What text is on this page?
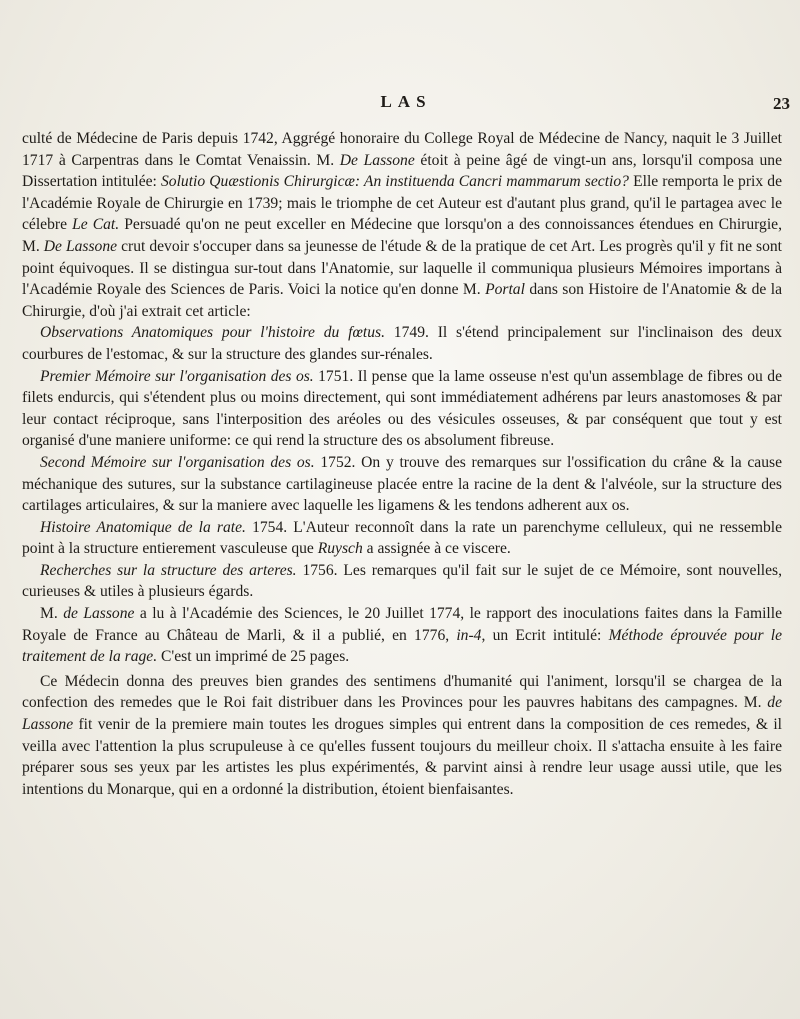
LAS	23

culté de Médecine de Paris depuis 1742, Aggrégé honoraire du College Royal de Médecine de Nancy, naquit le 3 Juillet 1717 à Carpentras dans le Comtat Venaissin. M. De Lassone étoit à peine âgé de vingt-un ans, lorsqu'il composa une Dissertation intitulée: Solutio Quæstionis Chirurgicæ: An instituenda Cancri mammarum sectio? Elle remporta le prix de l'Académie Royale de Chirurgie en 1739; mais le triomphe de cet Auteur est d'autant plus grand, qu'il le partagea avec le célebre Le Cat. Persuadé qu'on ne peut exceller en Médecine que lorsqu'on a des connoissances étendues en Chirurgie, M. De Lassone crut devoir s'occuper dans sa jeunesse de l'étude & de la pratique de cet Art. Les progrès qu'il y fit ne sont point équivoques. Il se distingua sur-tout dans l'Anatomie, sur laquelle il communiqua plusieurs Mémoires importans à l'Académie Royale des Sciences de Paris. Voici la notice qu'en donne M. Portal dans son Histoire de l'Anatomie & de la Chirurgie, d'où j'ai extrait cet article:

Observations Anatomiques pour l'histoire du fœtus. 1749. Il s'étend principalement sur l'inclinaison des deux courbures de l'estomac, & sur la structure des glandes sur-rénales.

Premier Mémoire sur l'organisation des os. 1751. Il pense que la lame osseuse n'est qu'un assemblage de fibres ou de filets endurcis, qui s'étendent plus ou moins directement, qui sont immédiatement adhérens par leurs anastomoses & par leur contact réciproque, sans l'interposition des aréoles ou des vésicules osseuses, & par conséquent que tout y est organisé d'une maniere uniforme: ce qui rend la structure des os absolument fibreuse.

Second Mémoire sur l'organisation des os. 1752. On y trouve des remarques sur l'ossification du crâne & la cause méchanique des sutures, sur la substance cartilagineuse placée entre la racine de la dent & l'alvéole, sur la structure des cartilages articulaires, & sur la maniere avec laquelle les ligamens & les tendons adherent aux os.

Histoire Anatomique de la rate. 1754. L'Auteur reconnoît dans la rate un parenchyme celluleux, qui ne ressemble point à la structure entierement vasculeuse que Ruysch a assignée à ce viscere.

Recherches sur la structure des arteres. 1756. Les remarques qu'il fait sur le sujet de ce Mémoire, sont nouvelles, curieuses & utiles à plusieurs égards.

M. de Lassone a lu à l'Académie des Sciences, le 20 Juillet 1774, le rapport des inoculations faites dans la Famille Royale de France au Château de Marli, & il a publié, en 1776, in-4, un Ecrit intitulé: Méthode éprouvée pour le traitement de la rage. C'est un imprimé de 25 pages.

Ce Médecin donna des preuves bien grandes des sentimens d'humanité qui l'animent, lorsqu'il se chargea de la confection des remedes que le Roi fait distribuer dans les Provinces pour les pauvres habitans des campagnes. M. de Lassone fit venir de la premiere main toutes les drogues simples qui entrent dans la composition de ces remedes, & il veilla avec l'attention la plus scrupuleuse à ce qu'elles fussent toujours du meilleur choix. Il s'attacha ensuite à les faire préparer sous ses yeux par les artistes les plus expérimentés, & parvint ainsi à rendre leur usage aussi utile, que les intentions du Monarque, qui en a ordonné la distribution, étoient bienfaisantes.
